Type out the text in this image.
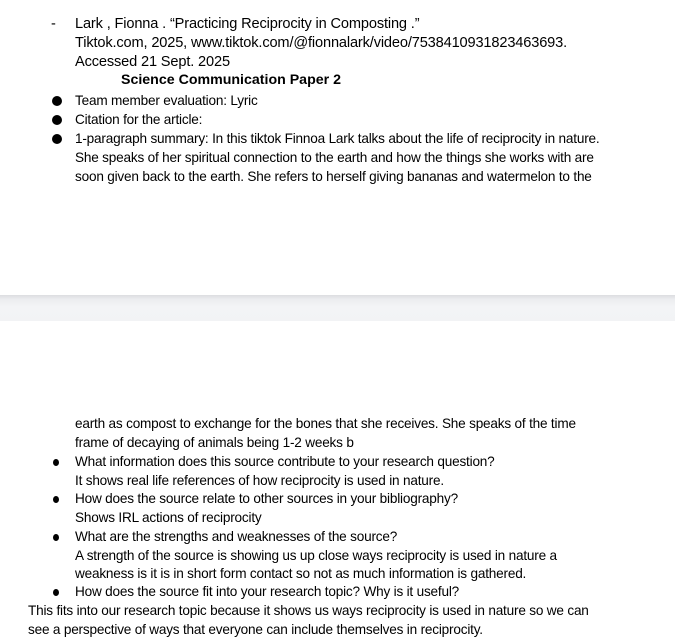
- Lark , Fionna . “Practicing Reciprocity in Composting .”
Tiktok.com, 2025, www.tiktok.com/@fionnalark/video/7538410931823463693.
Accessed 21 Sept. 2025
Science Communication Paper 2
Team member evaluation: Lyric
Citation for the article:
1-paragraph summary: In this tiktok Finnoa Lark talks about the life of reciprocity in nature.
She speaks of her spiritual connection to the earth and how the things she works with are
soon given back to the earth. She refers to herself giving bananas and watermelon to the
earth as compost to exchange for the bones that she receives. She speaks of the time
frame of decaying of animals being 1-2 weeks b
What information does this source contribute to your research question?
It shows real life references of how reciprocity is used in nature.
How does the source relate to other sources in your bibliography?
Shows IRL actions of reciprocity
What are the strengths and weaknesses of the source?
A strength of the source is showing us up close ways reciprocity is used in nature a
weakness is it is in short form contact so not as much information is gathered.
How does the source fit into your research topic? Why is it useful?
This fits into our research topic because it shows us ways reciprocity is used in nature so we can
see a perspective of ways that everyone can include themselves in reciprocity.
